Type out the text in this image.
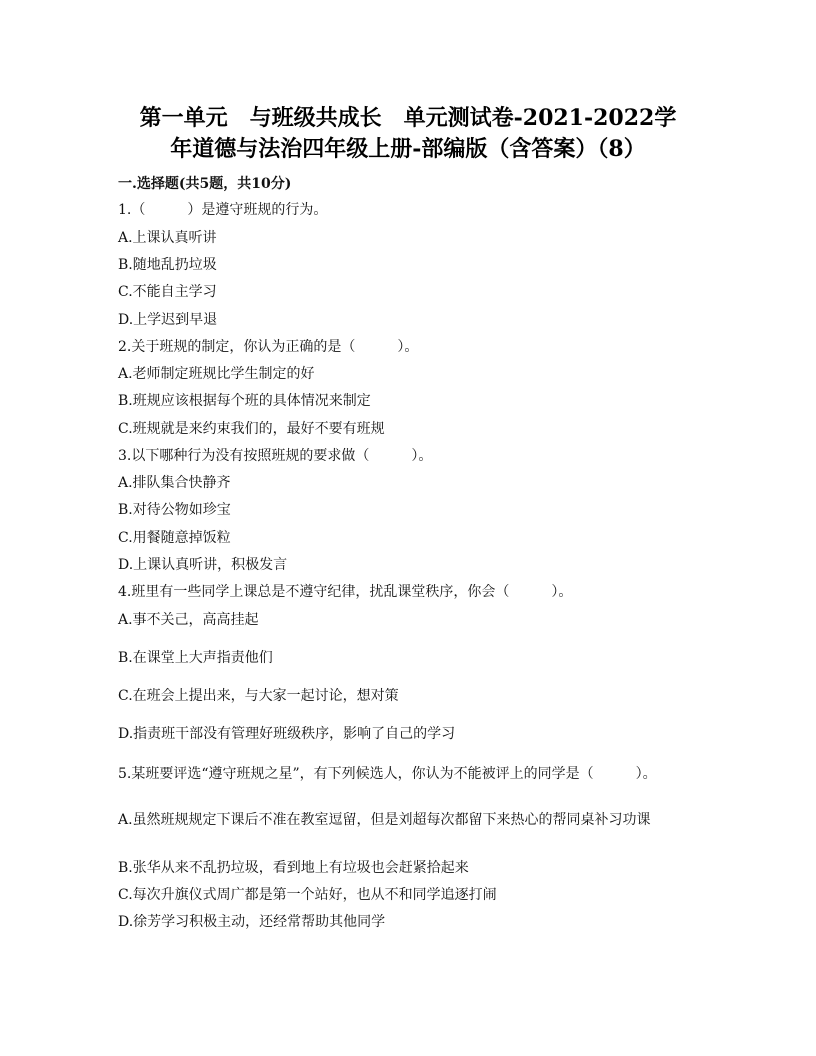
第一单元　与班级共成长　单元测试卷-2021-2022学
年道德与法治四年级上册-部编版（含答案）（8）
一.选择题(共5题，共10分)
1.（　　　）是遵守班规的行为。
A.上课认真听讲
B.随地乱扔垃圾
C.不能自主学习
D.上学迟到早退
2.关于班规的制定，你认为正确的是（　　　）。
A.老师制定班规比学生制定的好
B.班规应该根据每个班的具体情况来制定
C.班规就是来约束我们的，最好不要有班规
3.以下哪种行为没有按照班规的要求做（　　　）。
A.排队集合快静齐
B.对待公物如珍宝
C.用餐随意掉饭粒
D.上课认真听讲，积极发言
4.班里有一些同学上课总是不遵守纪律，扰乱课堂秩序，你会（　　　）。
A.事不关己，高高挂起
B.在课堂上大声指责他们
C.在班会上提出来，与大家一起讨论，想对策
D.指责班干部没有管理好班级秩序，影响了自己的学习
5.某班要评选“遵守班规之星”，有下列候选人，你认为不能被评上的同学是（　　　）。
A.虽然班规规定下课后不准在教室逗留，但是刘超每次都留下来热心的帮同桌补习功课
B.张华从来不乱扔垃圾，看到地上有垃圾也会赶紧拾起来
C.每次升旗仪式周广都是第一个站好，也从不和同学追逐打闹
D.徐芳学习积极主动，还经常帮助其他同学
